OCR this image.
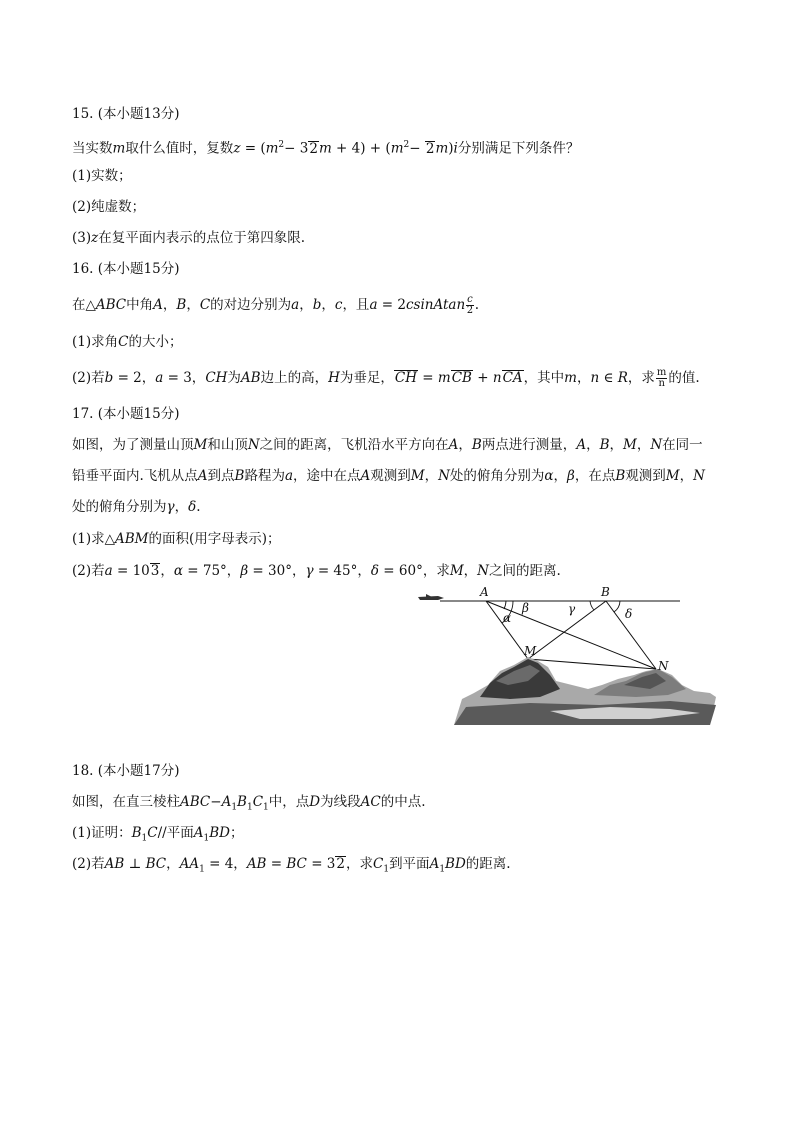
15. (本小题13分)
当实数m取什么值时，复数$z = (m^2- 32m + 4) + (m^2- 2m)i$分别满足下列条件？
(1)实数；
(2)纯虚数；
(3)z在复平面内表示的点位于第四象限.
16. (本小题15分)
在△ABC中角A，B，C的对边分别为a，b，c，且a = 2csinAtan $\frac{c}{2}$ .
(1)求角C的大小；
(2)若b = 2，a = 3，CH为AB边上的高，H为垂足，CH = mCB + nCA，其中m，n ∈ R，求 $\frac{m}{n}$ 的值.
17. (本小题15分)
如图，为了测量山顶M和山顶N之间的距离，飞机沿水平方向在A，B两点进行测量，A，B，M，N在同一
铅垂平面内.飞机从点A到点B路程为a，途中在点A观测到M，N处的俯角分别为α，β，在点B观测到M，N
处的俯角分别为γ，δ.
(1)求△ABM的面积(用字母表示)；
(2)若a = 103，α = 75°，β = 30°，γ = 45°，δ = 60°，求M，N之间的距离.
A	B
M
N
α
β	γ	δ
18. (本小题17分)
如图，在直三棱柱$ABC-A_1B_1C_1$中，点D为线段AC的中点.
(1)证明：$B_1C//$平面$A_1BD$；
(2)若AB ⊥ BC，$AA_1 = 4$，AB = BC = 32，求$C_1$到平面$A_1BD$的距离.
